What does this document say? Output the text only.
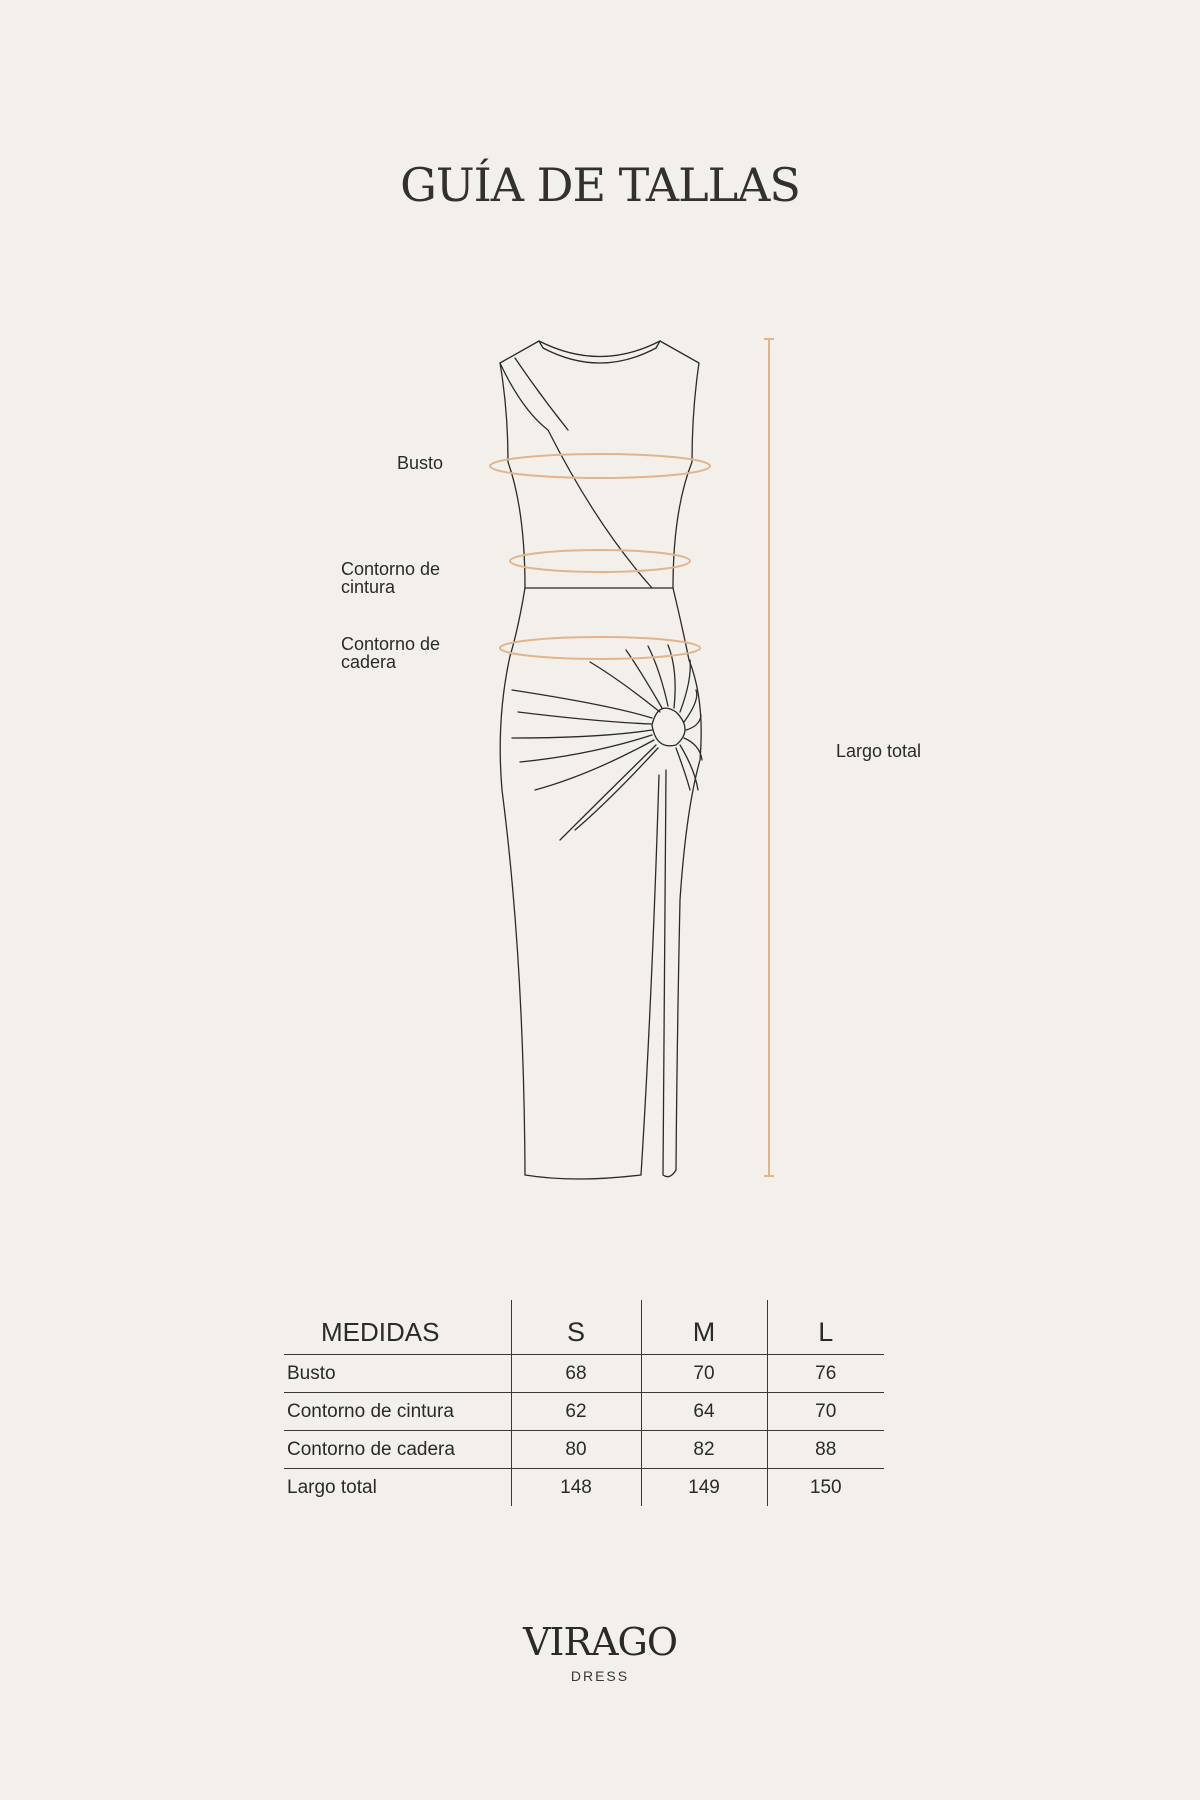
GUÍA DE TALLAS
Busto
Contorno de cintura
Contorno de cadera
Largo total
MEDIDAS	S	M	L
Busto	68	70	76
Contorno de cintura	62	64	70
Contorno de cadera	80	82	88
Largo total	148	149	150
VIRAGO
DRESS
